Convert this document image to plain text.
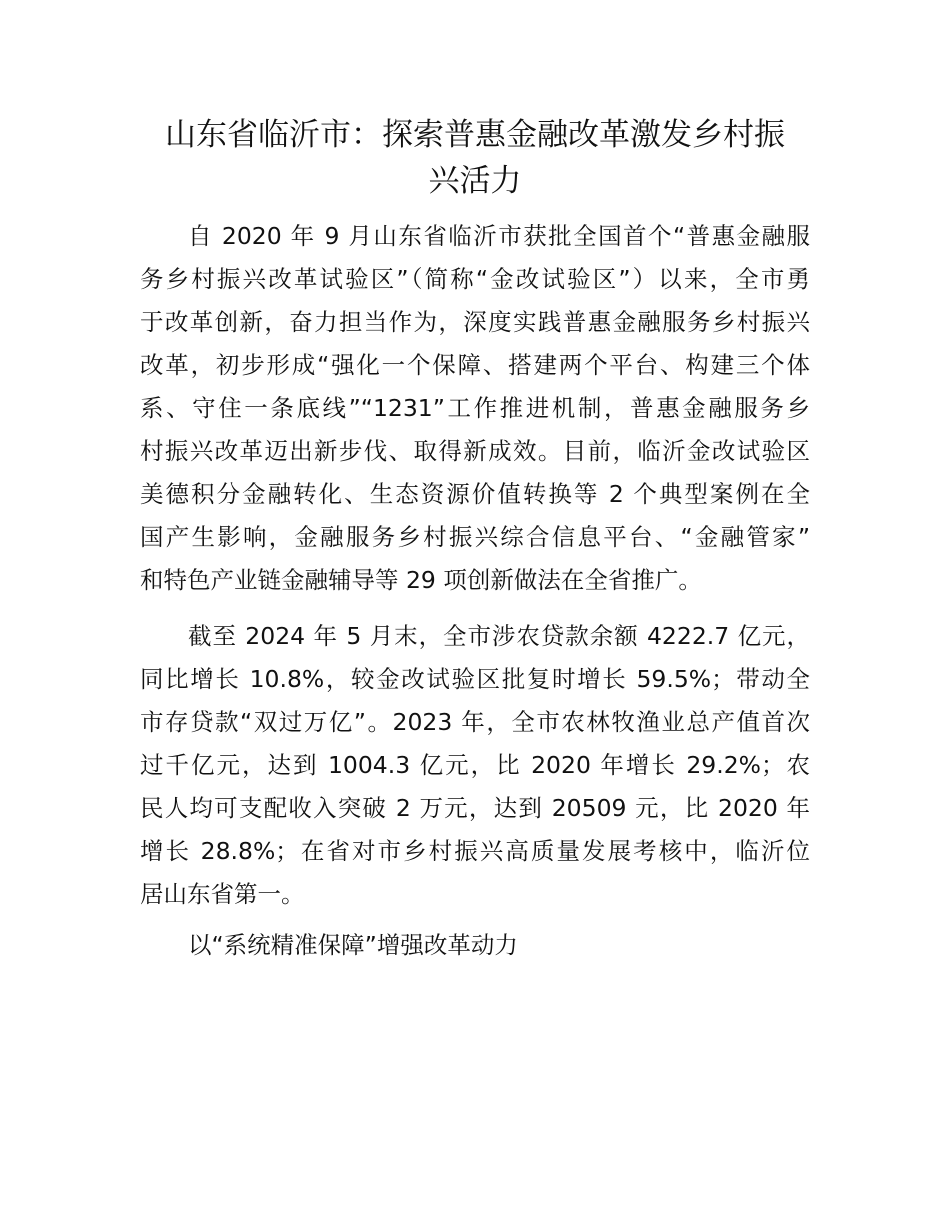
山东省临沂市：探索普惠金融改革激发乡村振
兴活力
自 2020 年 9 月山东省临沂市获批全国首个“普惠金融服
务乡村振兴改革试验区”（简称“金改试验区”）以来，全市勇
于改革创新，奋力担当作为，深度实践普惠金融服务乡村振兴
改革，初步形成“强化一个保障、搭建两个平台、构建三个体
系、守住一条底线”“1231”工作推进机制，普惠金融服务乡
村振兴改革迈出新步伐、取得新成效。目前，临沂金改试验区
美德积分金融转化、生态资源价值转换等 2 个典型案例在全
国产生影响，金融服务乡村振兴综合信息平台、“金融管家”
和特色产业链金融辅导等 29 项创新做法在全省推广。
截至 2024 年 5 月末，全市涉农贷款余额 4222.7 亿元，
同比增长 10.8%，较金改试验区批复时增长 59.5%；带动全
市存贷款“双过万亿”。2023 年，全市农林牧渔业总产值首次
过千亿元，达到 1004.3 亿元，比 2020 年增长 29.2%；农
民人均可支配收入突破 2 万元，达到 20509 元，比 2020 年
增长 28.8%；在省对市乡村振兴高质量发展考核中，临沂位
居山东省第一。
以“系统精准保障”增强改革动力
